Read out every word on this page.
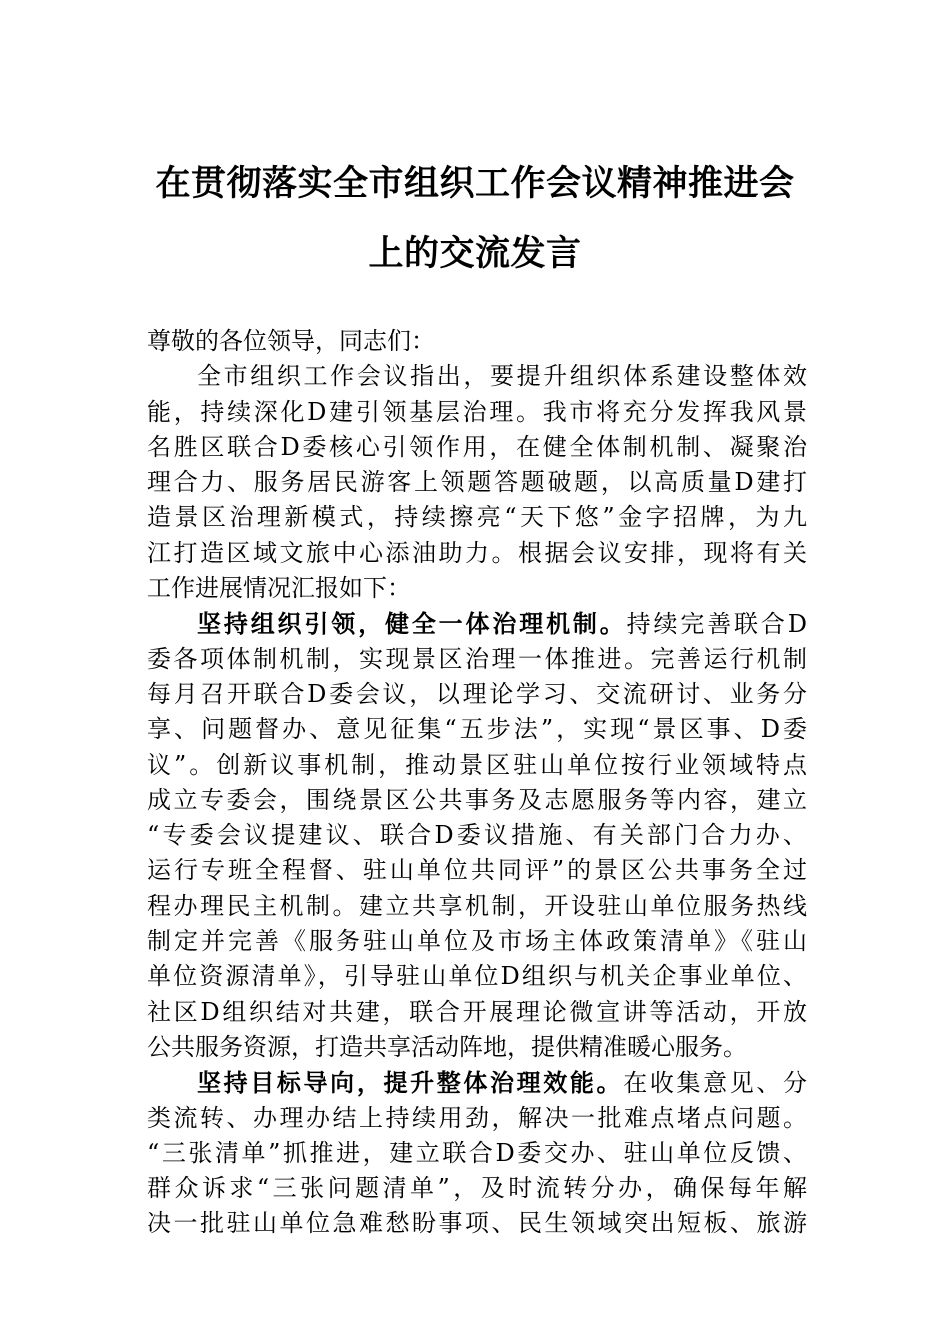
在贯彻落实全市组织工作会议精神推进会
上的交流发言
尊敬的各位领导，同志们：
全市组织工作会议指出，要提升组织体系建设整体效
能，持续深化D建引领基层治理。我市将充分发挥我风景
名胜区联合D委核心引领作用，在健全体制机制、凝聚治
理合力、服务居民游客上领题答题破题，以高质量D建打
造景区治理新模式，持续擦亮“天下悠”金字招牌，为九
江打造区域文旅中心添油助力。根据会议安排，现将有关
工作进展情况汇报如下：
坚持组织引领，健全一体治理机制。持续完善联合D
委各项体制机制，实现景区治理一体推进。完善运行机制
每月召开联合D委会议，以理论学习、交流研讨、业务分
享、问题督办、意见征集“五步法”，实现“景区事、D委
议”。创新议事机制，推动景区驻山单位按行业领域特点
成立专委会，围绕景区公共事务及志愿服务等内容，建立
“专委会议提建议、联合D委议措施、有关部门合力办、
运行专班全程督、驻山单位共同评”的景区公共事务全过
程办理民主机制。建立共享机制，开设驻山单位服务热线
制定并完善《服务驻山单位及市场主体政策清单》《驻山
单位资源清单》，引导驻山单位D组织与机关企事业单位、
社区D组织结对共建，联合开展理论微宣讲等活动，开放
公共服务资源，打造共享活动阵地，提供精准暖心服务。
坚持目标导向，提升整体治理效能。在收集意见、分
类流转、办理办结上持续用劲，解决一批难点堵点问题。
“三张清单”抓推进，建立联合D委交办、驻山单位反馈、
群众诉求“三张问题清单”，及时流转分办，确保每年解
决一批驻山单位急难愁盼事项、民生领域突出短板、旅游
